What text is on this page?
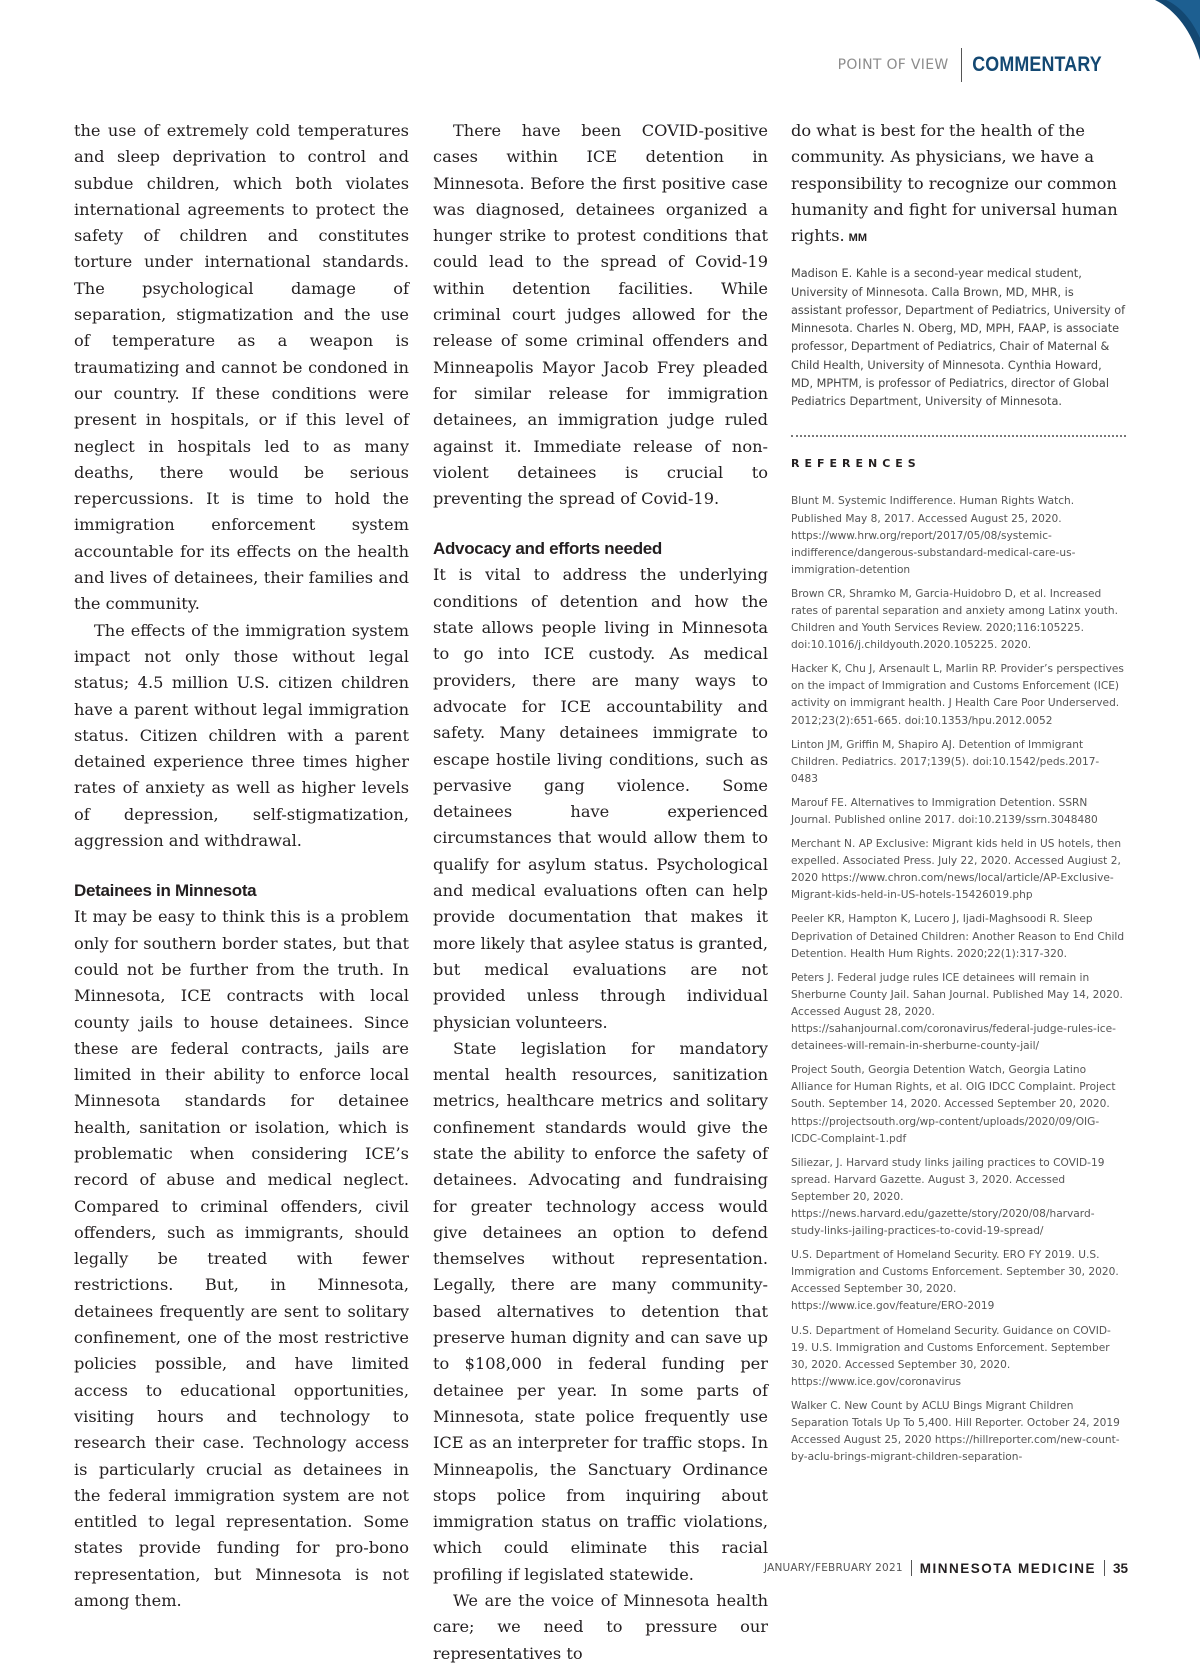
POINT OF VIEW	COMMENTARY

the use of extremely cold temperatures and sleep deprivation to control and subdue children, which both violates international agreements to protect the safety of children and constitutes torture under international standards. The psychological damage of separation, stigmatization and the use of temperature as a weapon is traumatizing and cannot be condoned in our country. If these conditions were present in hospitals, or if this level of neglect in hospitals led to as many deaths, there would be serious repercussions. It is time to hold the immigration enforcement system accountable for its effects on the health and lives of detainees, their families and the community.

The effects of the immigration system impact not only those without legal status; 4.5 million U.S. citizen children have a parent without legal immigration status. Citizen children with a parent detained experience three times higher rates of anxiety as well as higher levels of depression, self-stigmatization, aggression and withdrawal.

Detainees in Minnesota

It may be easy to think this is a problem only for southern border states, but that could not be further from the truth. In Minnesota, ICE contracts with local county jails to house detainees. Since these are federal contracts, jails are limited in their ability to enforce local Minnesota standards for detainee health, sanitation or isolation, which is problematic when considering ICE’s record of abuse and medical neglect. Compared to criminal offenders, civil offenders, such as immigrants, should legally be treated with fewer restrictions. But, in Minnesota, detainees frequently are sent to solitary confinement, one of the most restrictive policies possible, and have limited access to educational opportunities, visiting hours and technology to research their case. Technology access is particularly crucial as detainees in the federal immigration system are not entitled to legal representation. Some states provide funding for pro-bono representation, but Minnesota is not among them.

There have been COVID-positive cases within ICE detention in Minnesota. Before the first positive case was diagnosed, detainees organized a hunger strike to protest conditions that could lead to the spread of Covid-19 within detention facilities. While criminal court judges allowed for the release of some criminal offenders and Minneapolis Mayor Jacob Frey pleaded for similar release for immigration detainees, an immigration judge ruled against it. Immediate release of non-violent detainees is crucial to preventing the spread of Covid-19.

Advocacy and efforts needed

It is vital to address the underlying conditions of detention and how the state allows people living in Minnesota to go into ICE custody. As medical providers, there are many ways to advocate for ICE accountability and safety. Many detainees immigrate to escape hostile living conditions, such as pervasive gang violence. Some detainees have experienced circumstances that would allow them to qualify for asylum status. Psychological and medical evaluations often can help provide documentation that makes it more likely that asylee status is granted, but medical evaluations are not provided unless through individual physician volunteers.

State legislation for mandatory mental health resources, sanitization metrics, healthcare metrics and solitary confinement standards would give the state the ability to enforce the safety of detainees. Advocating and fundraising for greater technology access would give detainees an option to defend themselves without representation. Legally, there are many community-based alternatives to detention that preserve human dignity and can save up to $108,000 in federal funding per detainee per year. In some parts of Minnesota, state police frequently use ICE as an interpreter for traffic stops. In Minneapolis, the Sanctuary Ordinance stops police from inquiring about immigration status on traffic violations, which could eliminate this racial profiling if legislated statewide.

We are the voice of Minnesota health care; we need to pressure our representatives to

do what is best for the health of the community. As physicians, we have a responsibility to recognize our common humanity and fight for universal human rights. MM

Madison E. Kahle is a second-year medical student, University of Minnesota. Calla Brown, MD, MHR, is assistant professor, Department of Pediatrics, University of Minnesota. Charles N. Oberg, MD, MPH, FAAP, is associate professor, Department of Pediatrics, Chair of Maternal & Child Health, University of Minnesota. Cynthia Howard, MD, MPHTM, is professor of Pediatrics, director of Global Pediatrics Department, University of Minnesota.

REFERENCES

Blunt M. Systemic Indifference. Human Rights Watch. Published May 8, 2017. Accessed August 25, 2020. https://www.hrw.org/report/2017/05/08/systemic-indifference/dangerous-substandard-medical-care-us-immigration-detention

Brown CR, Shramko M, Garcia-Huidobro D, et al. Increased rates of parental separation and anxiety among Latinx youth. Children and Youth Services Review. 2020;116:105225. doi:10.1016/j.childyouth.2020.105225. 2020.

Hacker K, Chu J, Arsenault L, Marlin RP. Provider’s perspectives on the impact of Immigration and Customs Enforcement (ICE) activity on immigrant health. J Health Care Poor Underserved. 2012;23(2):651-665. doi:10.1353/hpu.2012.0052

Linton JM, Griffin M, Shapiro AJ. Detention of Immigrant Children. Pediatrics. 2017;139(5). doi:10.1542/peds.2017-0483

Marouf FE. Alternatives to Immigration Detention. SSRN Journal. Published online 2017. doi:10.2139/ssrn.3048480

Merchant N. AP Exclusive: Migrant kids held in US hotels, then expelled. Associated Press. July 22, 2020. Accessed Augiust 2, 2020 https://www.chron.com/news/local/article/AP-Exclusive-Migrant-kids-held-in-US-hotels-15426019.php

Peeler KR, Hampton K, Lucero J, Ijadi-Maghsoodi R. Sleep Deprivation of Detained Children: Another Reason to End Child Detention. Health Hum Rights. 2020;22(1):317-320.

Peters J. Federal judge rules ICE detainees will remain in Sherburne County Jail. Sahan Journal. Published May 14, 2020. Accessed August 28, 2020. https://sahanjournal.com/coronavirus/federal-judge-rules-ice-detainees-will-remain-in-sherburne-county-jail/

Project South, Georgia Detention Watch, Georgia Latino Alliance for Human Rights, et al. OIG IDCC Complaint. Project South. September 14, 2020. Accessed September 20, 2020. https://projectsouth.org/wp-content/uploads/2020/09/OIG-ICDC-Complaint-1.pdf

Siliezar, J. Harvard study links jailing practices to COVID-19 spread. Harvard Gazette. August 3, 2020. Accessed September 20, 2020. https://news.harvard.edu/gazette/story/2020/08/harvard-study-links-jailing-practices-to-covid-19-spread/

U.S. Department of Homeland Security. ERO FY 2019. U.S. Immigration and Customs Enforcement. September 30, 2020. Accessed September 30, 2020. https://www.ice.gov/feature/ERO-2019

U.S. Department of Homeland Security. Guidance on COVID-19. U.S. Immigration and Customs Enforcement. September 30, 2020. Accessed September 30, 2020. https://www.ice.gov/coronavirus

Walker C. New Count by ACLU Bings Migrant Children Separation Totals Up To 5,400. Hill Reporter. October 24, 2019 Accessed August 25, 2020 https://hillreporter.com/new-count-by-aclu-brings-migrant-children-separation-

JANUARY/FEBRUARY 2021	MINNESOTA MEDICINE	35
